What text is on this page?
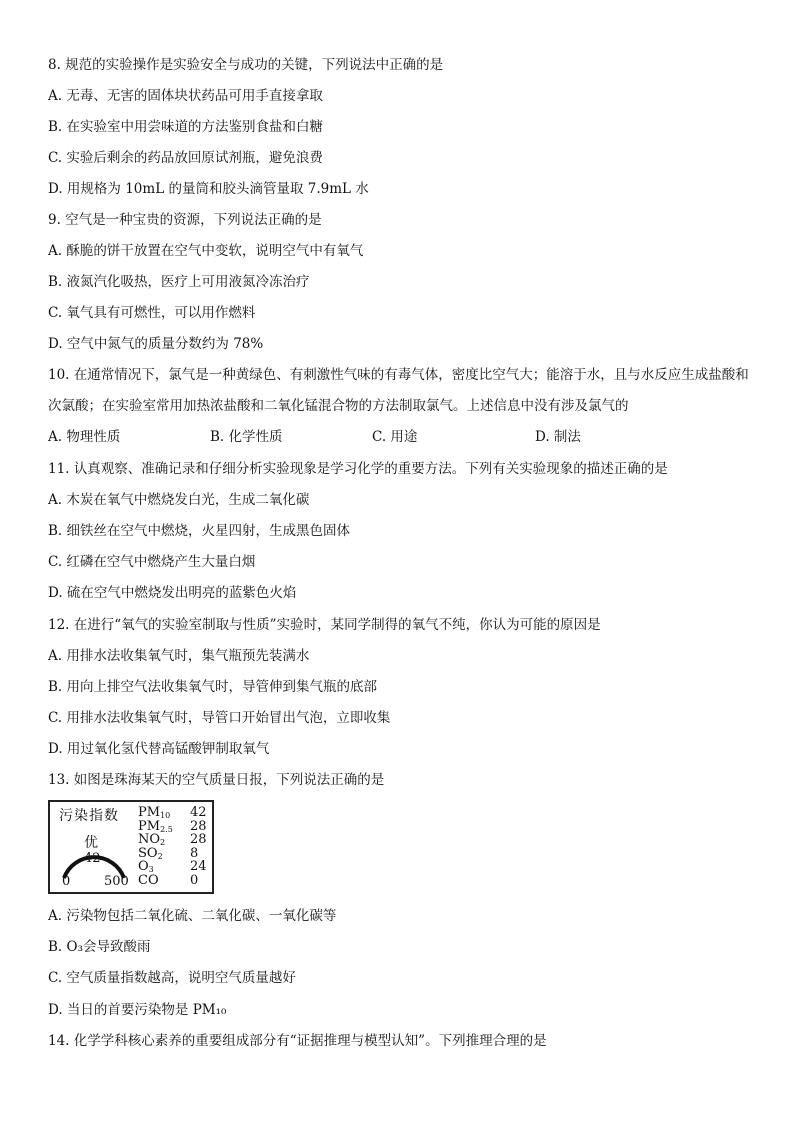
8. 规范的实验操作是实验安全与成功的关键，下列说法中正确的是
A. 无毒、无害的固体块状药品可用手直接拿取
B. 在实验室中用尝味道的方法鉴别食盐和白糖
C. 实验后剩余的药品放回原试剂瓶，避免浪费
D. 用规格为 10mL 的量筒和胶头滴管量取 7.9mL 水
9. 空气是一种宝贵的资源，下列说法正确的是
A. 酥脆的饼干放置在空气中变软，说明空气中有氧气
B. 液氮汽化吸热，医疗上可用液氮冷冻治疗
C. 氧气具有可燃性，可以用作燃料
D. 空气中氮气的质量分数约为 78%
10. 在通常情况下，氯气是一种黄绿色、有刺激性气味的有毒气体，密度比空气大；能溶于水，且与水反应生成盐酸和次氯酸；在实验室常用加热浓盐酸和二氧化锰混合物的方法制取氯气。上述信息中没有涉及氯气的
A. 物理性质	B. 化学性质	C. 用途	D. 制法
11. 认真观察、准确记录和仔细分析实验现象是学习化学的重要方法。下列有关实验现象的描述正确的是
A. 木炭在氧气中燃烧发白光，生成二氧化碳
B. 细铁丝在空气中燃烧，火星四射，生成黑色固体
C. 红磷在空气中燃烧产生大量白烟
D. 硫在空气中燃烧发出明亮的蓝紫色火焰
12. 在进行“氧气的实验室制取与性质”实验时，某同学制得的氧气不纯，你认为可能的原因是
A. 用排水法收集氧气时，集气瓶预先装满水
B. 用向上排空气法收集氧气时，导管伸到集气瓶的底部
C. 用排水法收集氧气时，导管口开始冒出气泡，立即收集
D. 用过氧化氢代替高锰酸钾制取氧气
13. 如图是珠海某天的空气质量日报，下列说法正确的是
污染指数
优
42
0	500
$PM_{10}$ 42
$PM_{2.5}$ 28
$NO_2$ 28
$SO_2$ 8
$O_3$	24
CO 0
A. 污染物包括二氧化硫、二氧化碳、一氧化碳等
B. O₃会导致酸雨
C. 空气质量指数越高，说明空气质量越好
D. 当日的首要污染物是 PM₁₀
14. 化学学科核心素养的重要组成部分有“证据推理与模型认知”。下列推理合理的是
